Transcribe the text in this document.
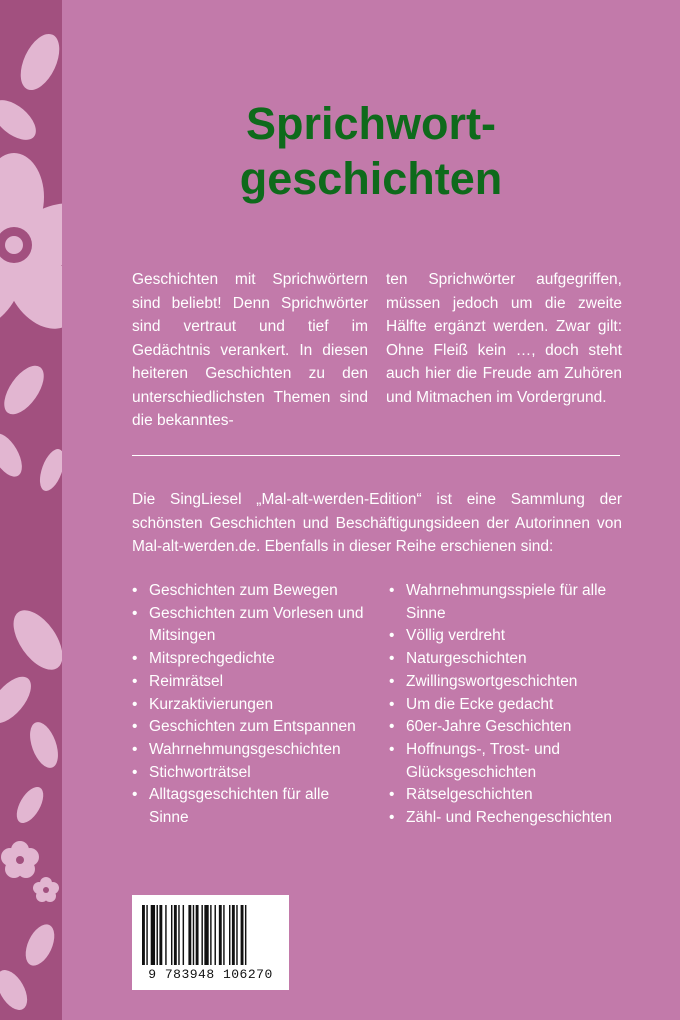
Sprichwort-
geschichten

Geschichten mit Sprichwörtern sind beliebt! Denn Sprichwörter sind vertraut und tief im Gedächtnis verankert. In diesen heiteren Geschichten zu den unterschiedlichsten Themen sind die bekanntes-

ten Sprichwörter aufgegriffen, müssen jedoch um die zweite Hälfte ergänzt werden. Zwar gilt: Ohne Fleiß kein …, doch steht auch hier die Freude am Zuhören und Mitmachen im Vordergrund.

Die SingLiesel „Mal-alt-werden-Edition“ ist eine Sammlung der schönsten Geschichten und Beschäftigungsideen der Autorinnen von Mal-alt-werden.de. Ebenfalls in dieser Reihe erschienen sind:

• Geschichten zum Bewegen
• Geschichten zum Vorlesen und Mitsingen
• Mitsprechgedichte
• Reimrätsel
• Kurzaktivierungen
• Geschichten zum Entspannen
• Wahrnehmungsgeschichten
• Stichworträtsel
• Alltagsgeschichten für alle Sinne
• Wahrnehmungsspiele für alle Sinne
• Völlig verdreht
• Naturgeschichten
• Zwillingswortgeschichten
• Um die Ecke gedacht
• 60er-Jahre Geschichten
• Hoffnungs-, Trost- und Glücksgeschichten
• Rätselgeschichten
• Zähl- und Rechengeschichten
9 783948 106270
